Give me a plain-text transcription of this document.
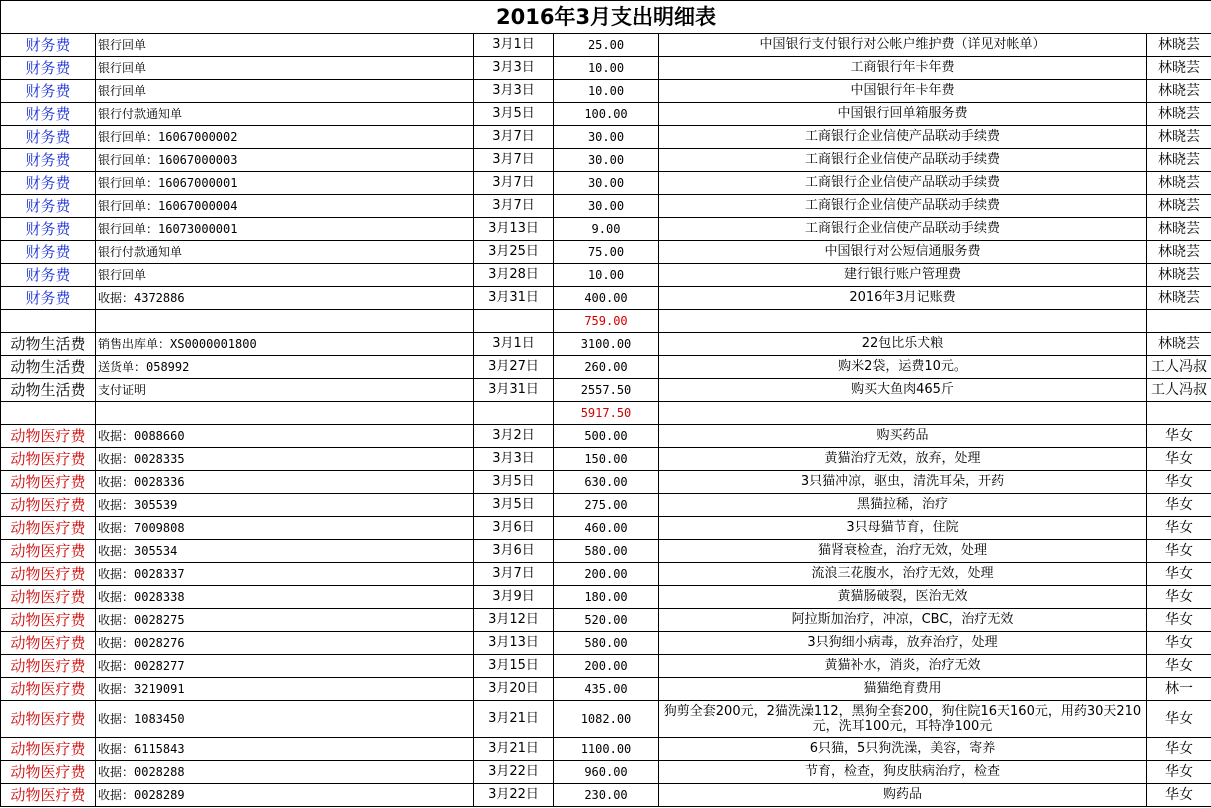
2016年3月支出明细表					
财务费	银行回单	3月1日	25.00	中国银行支付银行对公帐户维护费（详见对帐单）	林晓芸
财务费	银行回单	3月3日	10.00	工商银行年卡年费	林晓芸
财务费	银行回单	3月3日	10.00	中国银行年卡年费	林晓芸
财务费	银行付款通知单	3月5日	100.00	中国银行回单箱服务费	林晓芸
财务费	银行回单：16067000002	3月7日	30.00	工商银行企业信使产品联动手续费	林晓芸
财务费	银行回单：16067000003	3月7日	30.00	工商银行企业信使产品联动手续费	林晓芸
财务费	银行回单：16067000001	3月7日	30.00	工商银行企业信使产品联动手续费	林晓芸
财务费	银行回单：16067000004	3月7日	30.00	工商银行企业信使产品联动手续费	林晓芸
财务费	银行回单：16073000001	3月13日	9.00	工商银行企业信使产品联动手续费	林晓芸
财务费	银行付款通知单	3月25日	75.00	中国银行对公短信通服务费	林晓芸
财务费	银行回单	3月28日	10.00	建行银行账户管理费	林晓芸
财务费	收据：4372886	3月31日	400.00	2016年3月记账费	林晓芸
			759.00		
动物生活费	销售出库单：XS0000001800	3月1日	3100.00	22包比乐犬粮	林晓芸
动物生活费	送货单：058992	3月27日	260.00	购米2袋，运费10元。	工人冯叔
动物生活费	支付证明	3月31日	2557.50	购买大鱼肉465斤	工人冯叔
			5917.50		
动物医疗费	收据：0088660	3月2日	500.00	购买药品	华女
动物医疗费	收据：0028335	3月3日	150.00	黄猫治疗无效，放弃，处理	华女
动物医疗费	收据：0028336	3月5日	630.00	3只猫冲凉，驱虫，清洗耳朵，开药	华女
动物医疗费	收据：305539	3月5日	275.00	黑猫拉稀，治疗	华女
动物医疗费	收据：7009808	3月6日	460.00	3只母猫节育，住院	华女
动物医疗费	收据：305534	3月6日	580.00	猫肾衰检查，治疗无效，处理	华女
动物医疗费	收据：0028337	3月7日	200.00	流浪三花腹水，治疗无效，处理	华女
动物医疗费	收据：0028338	3月9日	180.00	黄猫肠破裂，医治无效	华女
动物医疗费	收据：0028275	3月12日	520.00	阿拉斯加治疗，冲凉，CBC，治疗无效	华女
动物医疗费	收据：0028276	3月13日	580.00	3只狗细小病毒，放弃治疗，处理	华女
动物医疗费	收据：0028277	3月15日	200.00	黄猫补水，消炎，治疗无效	华女
动物医疗费	收据：3219091	3月20日	435.00	猫猫绝育费用	林一
动物医疗费	收据：1083450	3月21日	1082.00	狗剪全套200元，2猫洗澡112，黑狗全套200，狗住院16天160元，用药30天210元，洗耳100元，耳特净100元	华女
动物医疗费	收据：6115843	3月21日	1100.00	6只猫，5只狗洗澡，美容，寄养	华女
动物医疗费	收据：0028288	3月22日	960.00	节育，检查，狗皮肤病治疗，检查	华女
动物医疗费	收据：0028289	3月22日	230.00	购药品	华女
